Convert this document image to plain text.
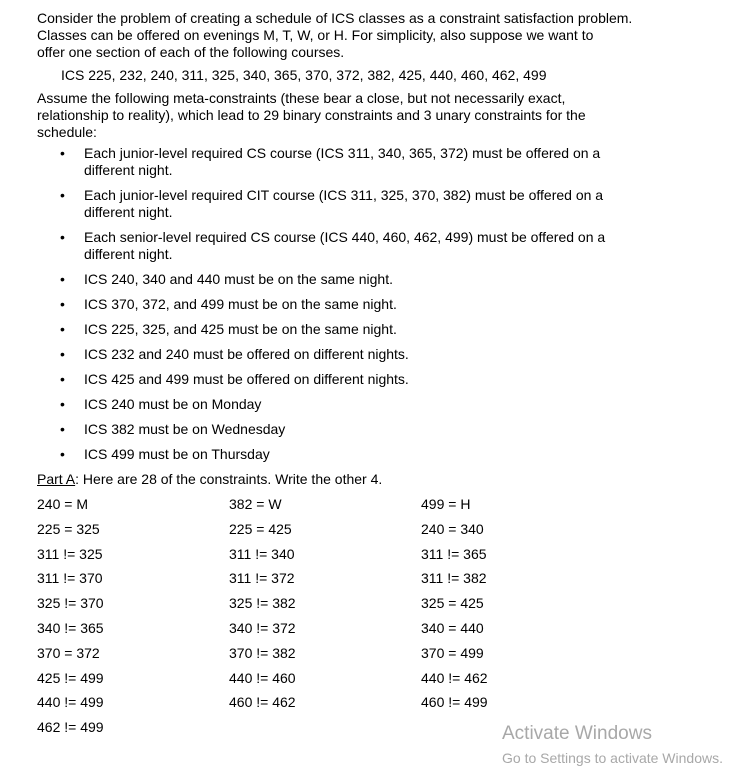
Consider the problem of creating a schedule of ICS classes as a constraint satisfaction problem.
Classes can be offered on evenings M, T, W, or H. For simplicity, also suppose we want to
offer one section of each of the following courses.

ICS 225, 232, 240, 311, 325, 340, 365, 370, 372, 382, 425, 440, 460, 462, 499

Assume the following meta-constraints (these bear a close, but not necessarily exact,
relationship to reality), which lead to 29 binary constraints and 3 unary constraints for the
schedule:

• Each junior-level required CS course (ICS 311, 340, 365, 372) must be offered on a
different night.
• Each junior-level required CIT course (ICS 311, 325, 370, 382) must be offered on a
different night.
• Each senior-level required CS course (ICS 440, 460, 462, 499) must be offered on a
different night.
• ICS 240, 340 and 440 must be on the same night.
• ICS 370, 372, and 499 must be on the same night.
• ICS 225, 325, and 425 must be on the same night.
• ICS 232 and 240 must be offered on different nights.
• ICS 425 and 499 must be offered on different nights.
• ICS 240 must be on Monday
• ICS 382 must be on Wednesday
• ICS 499 must be on Thursday
Part A: Here are 28 of the constraints. Write the other 4.
240 = M	382 = W	499 = H
225 = 325	225 = 425	240 = 340
311 != 325	311 != 340	311 != 365
311 != 370	311 != 372	311 != 382
325 != 370	325 != 382	325 = 425
340 != 365	340 != 372	340 = 440
370 = 372	370 != 382	370 = 499
425 != 499	440 != 460	440 != 462
440 != 499	460 != 462	460 != 499
462 != 499	Activate Windows
Go to Settings to activate Windows.
